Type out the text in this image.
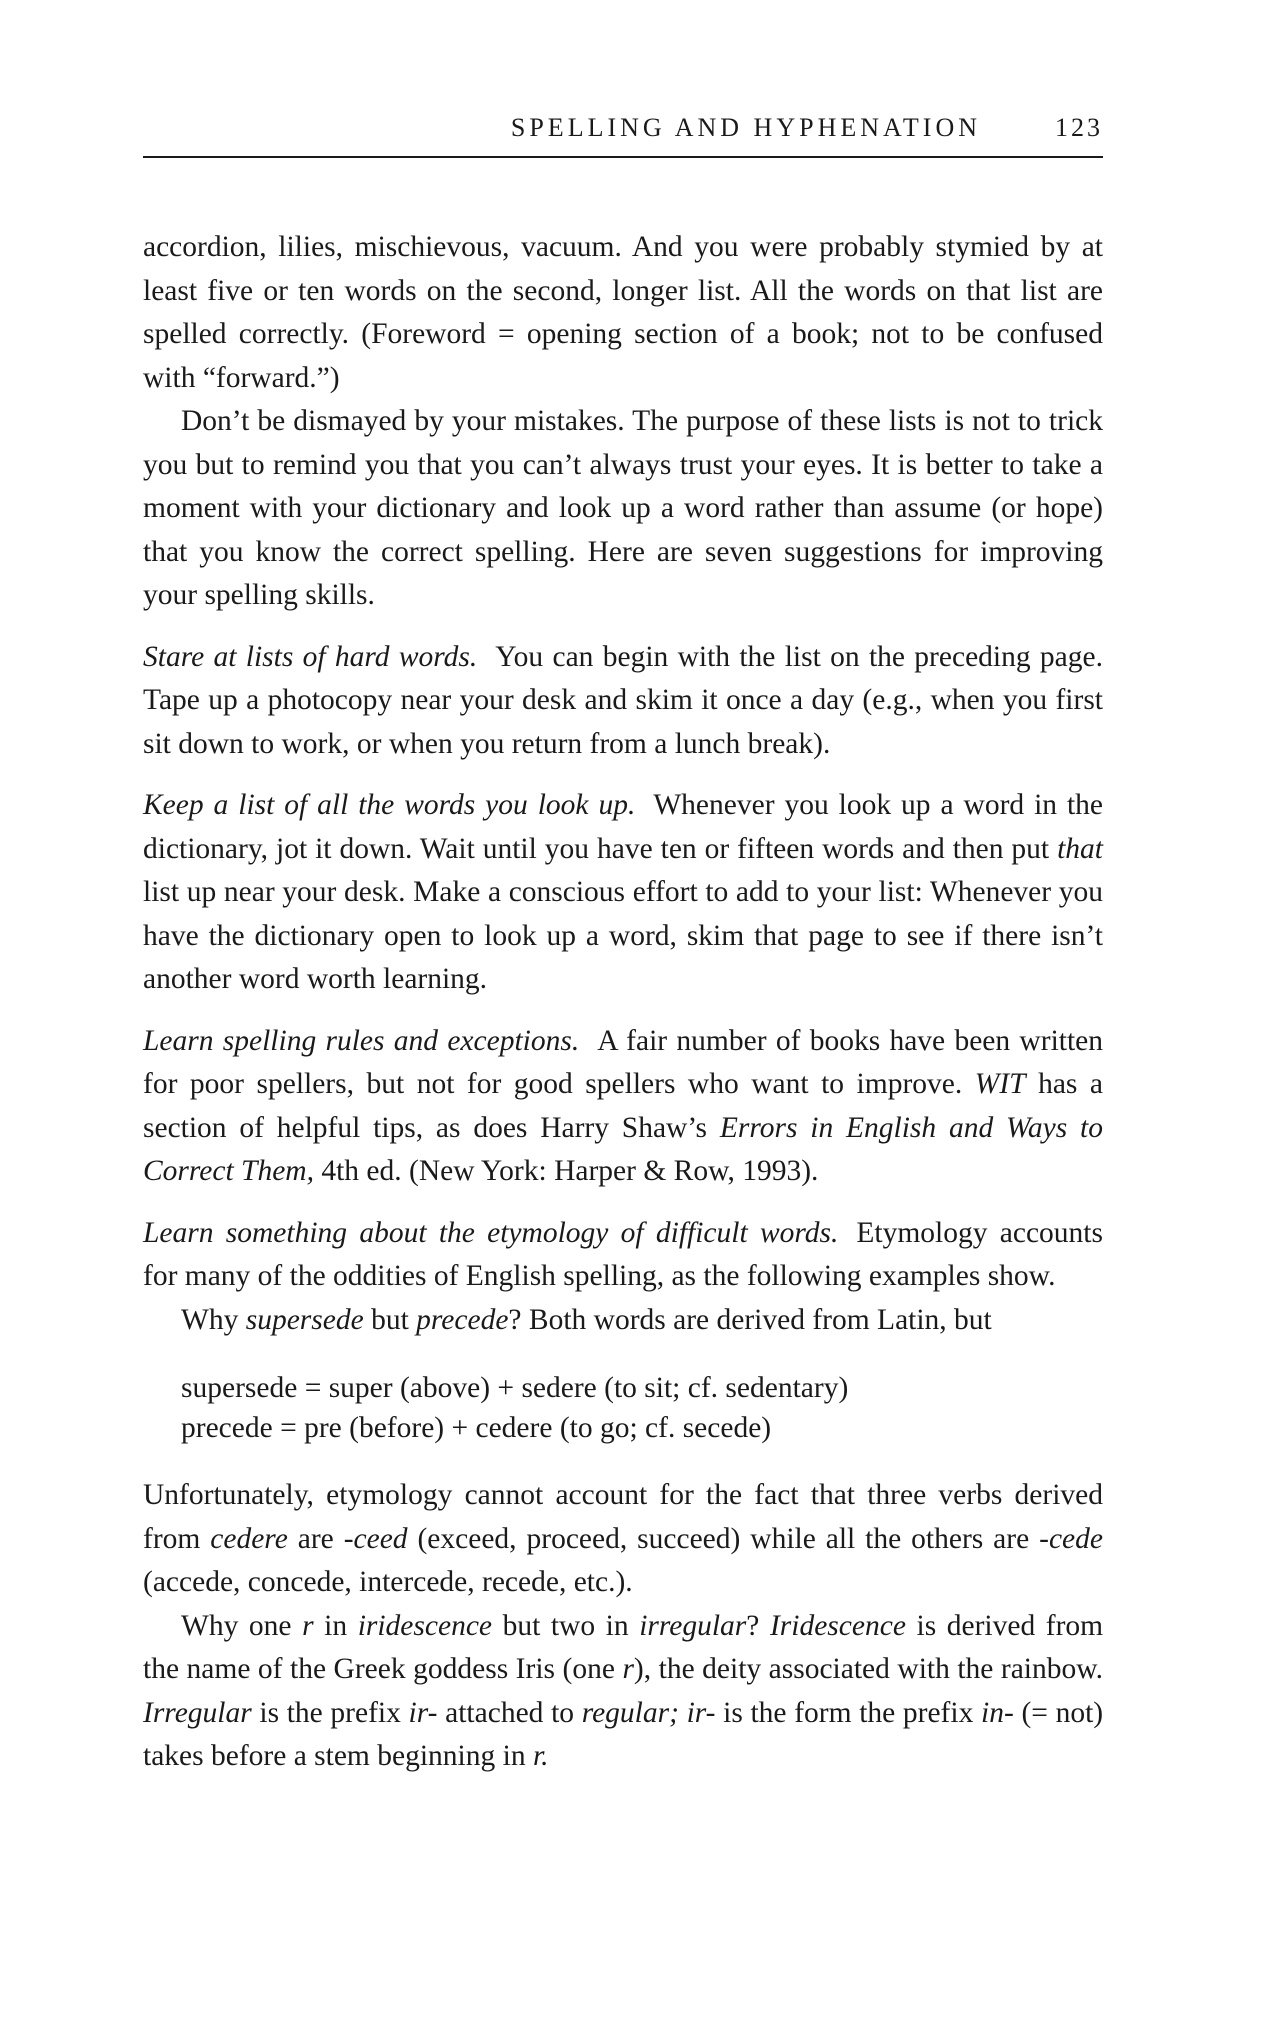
SPELLING AND HYPHENATION	123

accordion, lilies, mischievous, vacuum. And you were probably stymied by at least five or ten words on the second, longer list. All the words on that list are spelled correctly. (Foreword = opening section of a book; not to be confused with “forward.”)

Don’t be dismayed by your mistakes. The purpose of these lists is not to trick you but to remind you that you can’t always trust your eyes. It is better to take a moment with your dictionary and look up a word rather than assume (or hope) that you know the correct spelling. Here are seven suggestions for improving your spelling skills.

Stare at lists of hard words. You can begin with the list on the preceding page. Tape up a photocopy near your desk and skim it once a day (e.g., when you first sit down to work, or when you return from a lunch break).

Keep a list of all the words you look up. Whenever you look up a word in the dictionary, jot it down. Wait until you have ten or fifteen words and then put that list up near your desk. Make a conscious effort to add to your list: Whenever you have the dictionary open to look up a word, skim that page to see if there isn’t another word worth learning.

Learn spelling rules and exceptions. A fair number of books have been written for poor spellers, but not for good spellers who want to improve. WIT has a section of helpful tips, as does Harry Shaw’s Errors in English and Ways to Correct Them, 4th ed. (New York: Harper & Row, 1993).

Learn something about the etymology of difficult words. Etymology accounts for many of the oddities of English spelling, as the following examples show.

Why supersede but precede? Both words are derived from Latin, but

supersede = super (above) + sedere (to sit; cf. sedentary)
precede = pre (before) + cedere (to go; cf. secede)

Unfortunately, etymology cannot account for the fact that three verbs derived from cedere are -ceed (exceed, proceed, succeed) while all the others are -cede (accede, concede, intercede, recede, etc.).

Why one r in iridescence but two in irregular? Iridescence is derived from the name of the Greek goddess Iris (one r), the deity associated with the rainbow. Irregular is the prefix ir- attached to regular; ir- is the form the prefix in- (= not) takes before a stem beginning in r.
